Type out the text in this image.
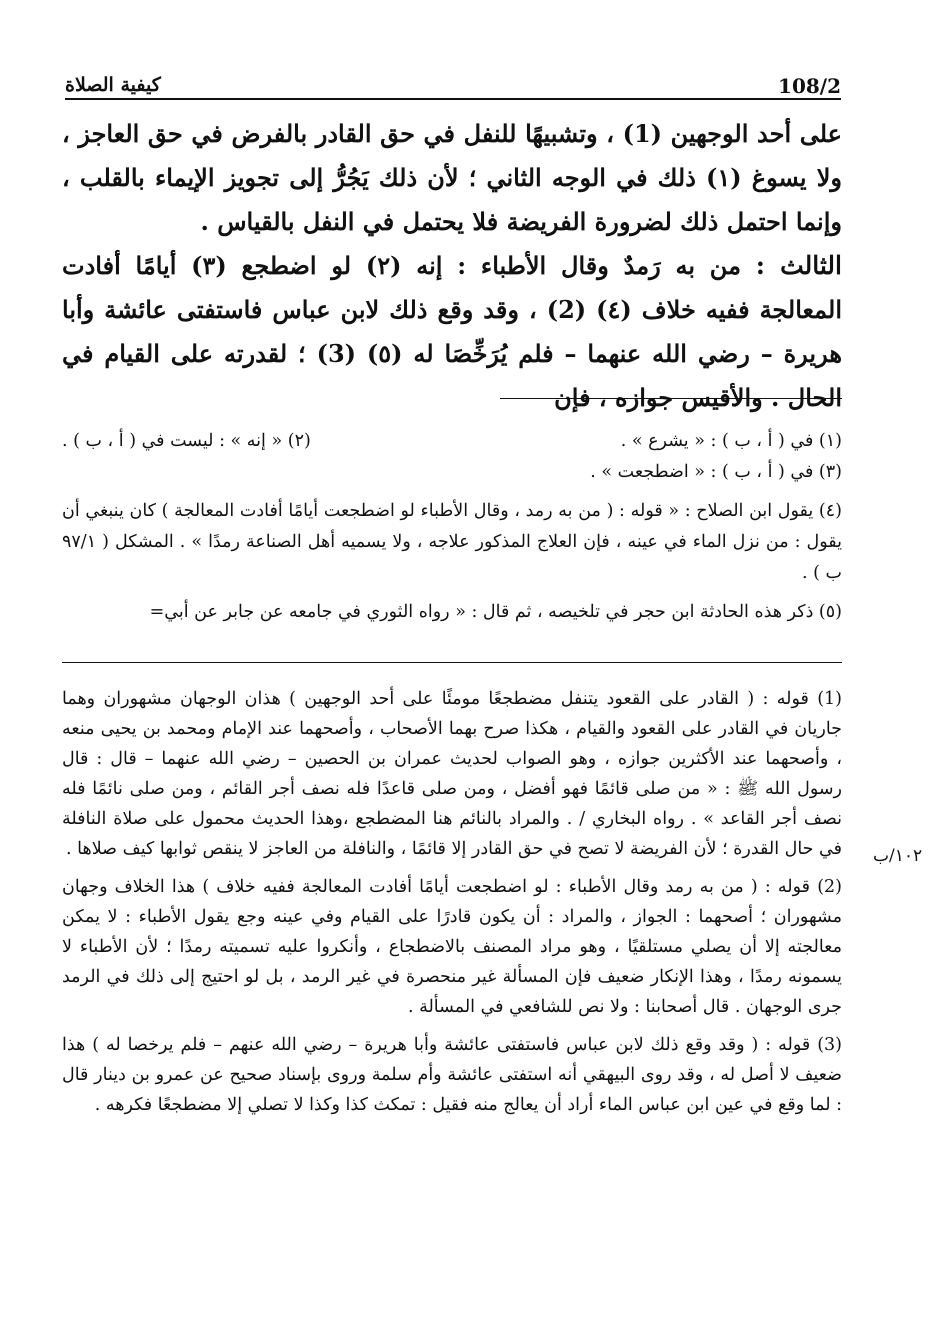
108/2
كيفية الصلاة

على أحد الوجهين (1) ، وتشبيهًا للنفل في حق القادر بالفرض في حق العاجز ، ولا يسوغ (١) ذلك في الوجه الثاني ؛ لأن ذلك يَجُرُّ إلى تجويز الإيماء بالقلب ، وإنما احتمل ذلك لضرورة الفريضة فلا يحتمل في النفل بالقياس .

الثالث : من به رَمدٌ وقال الأطباء : إنه (٢) لو اضطجع (٣) أيامًا أفادت المعالجة ففيه خلاف (٤) (2) ، وقد وقع ذلك لابن عباس فاستفتى عائشة وأبا هريرة – رضي الله عنهما – فلم يُرَخِّصَا له (٥) (3) ؛ لقدرته على القيام في الحال . والأقيس جوازه ، فإن

(١) في ( أ ، ب ) : « يشرع » .
(٢) « إنه » : ليست في ( أ ، ب ) .
(٣) في ( أ ، ب ) : « اضطجعت » .

(٤) يقول ابن الصلاح : « قوله : ( من به رمد ، وقال الأطباء لو اضطجعت أيامًا أفادت المعالجة ) كان ينبغي أن يقول : من نزل الماء في عينه ، فإن العلاج المذكور علاجه ، ولا يسميه أهل الصناعة رمدًا » . المشكل ( ٩٧/١ ب ) .

(٥) ذكر هذه الحادثة ابن حجر في تلخيصه ، ثم قال : « رواه الثوري في جامعه عن جابر عن أبي=

(1) قوله : ( القادر على القعود يتنفل مضطجعًا مومئًا على أحد الوجهين ) هذان الوجهان مشهوران وهما جاريان في القادر على القعود والقيام ، هكذا صرح بهما الأصحاب ، وأصحهما عند الإمام ومحمد بن يحيى منعه ، وأصحهما عند الأكثرين جوازه ، وهو الصواب لحديث عمران بن الحصين – رضي الله عنهما – قال : قال رسول الله ﷺ : « من صلى قائمًا فهو أفضل ، ومن صلى قاعدًا فله نصف أجر القائم ، ومن صلى نائمًا فله نصف أجر القاعد » . رواه البخاري / . والمراد بالنائم هنا المضطجع ،وهذا الحديث محمول على صلاة النافلة في حال القدرة ؛ لأن الفريضة لا تصح في حق القادر إلا قائمًا ، والنافلة من العاجز لا ينقص ثوابها كيف صلاها .

(2) قوله : ( من به رمد وقال الأطباء : لو اضطجعت أيامًا أفادت المعالجة ففيه خلاف ) هذا الخلاف وجهان مشهوران ؛ أصحهما : الجواز ، والمراد : أن يكون قادرًا على القيام وفي عينه وجع يقول الأطباء : لا يمكن معالجته إلا أن يصلي مستلقيًا ، وهو مراد المصنف بالاضطجاع ، وأنكروا عليه تسميته رمدًا ؛ لأن الأطباء لا يسمونه رمدًا ، وهذا الإنكار ضعيف فإن المسألة غير منحصرة في غير الرمد ، بل لو احتيج إلى ذلك في الرمد جرى الوجهان . قال أصحابنا : ولا نص للشافعي في المسألة .

(3) قوله : ( وقد وقع ذلك لابن عباس فاستفتى عائشة وأبا هريرة – رضي الله عنهم – فلم يرخصا له ) هذا ضعيف لا أصل له ، وقد روى البيهقي أنه استفتى عائشة وأم سلمة وروى بإسناد صحيح عن عمرو بن دينار قال : لما وقع في عين ابن عباس الماء أراد أن يعالج منه فقيل : تمكث كذا وكذا لا تصلي إلا مضطجعًا فكرهه .

١٠٢/ب
